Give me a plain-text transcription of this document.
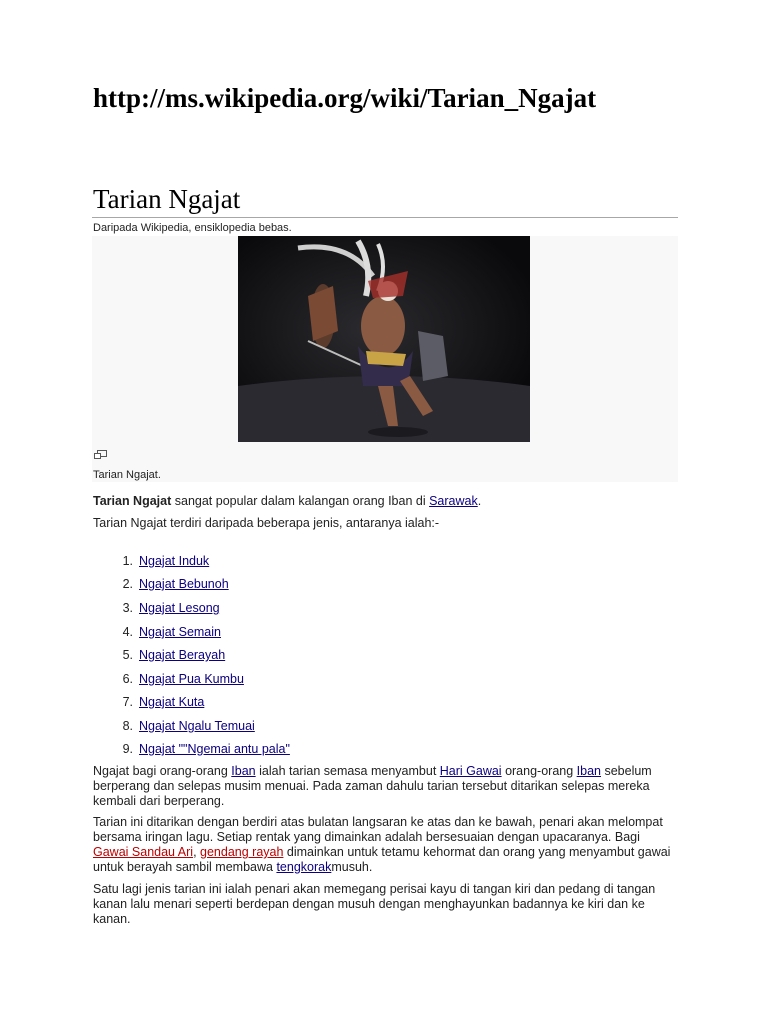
http://ms.wikipedia.org/wiki/Tarian_Ngajat
Tarian Ngajat
Daripada Wikipedia, ensiklopedia bebas.
Tarian Ngajat.
Tarian Ngajat sangat popular dalam kalangan orang Iban di Sarawak.
Tarian Ngajat terdiri daripada beberapa jenis, antaranya ialah:-
1. Ngajat Induk
2. Ngajat Bebunoh
3. Ngajat Lesong
4. Ngajat Semain
5. Ngajat Berayah
6. Ngajat Pua Kumbu
7. Ngajat Kuta
8. Ngajat Ngalu Temuai
9. Ngajat ""Ngemai antu pala"
Ngajat bagi orang-orang Iban ialah tarian semasa menyambut Hari Gawai orang-orang Iban sebelum berperang dan selepas musim menuai. Pada zaman dahulu tarian tersebut ditarikan selepas mereka kembali dari berperang.
Tarian ini ditarikan dengan berdiri atas bulatan langsaran ke atas dan ke bawah, penari akan melompat bersama iringan lagu. Setiap rentak yang dimainkan adalah bersesuaian dengan upacaranya. Bagi Gawai Sandau Ari, gendang rayah dimainkan untuk tetamu kehormat dan orang yang menyambut gawai untuk berayah sambil membawa tengkorakmusuh.
Satu lagi jenis tarian ini ialah penari akan memegang perisai kayu di tangan kiri dan pedang di tangan kanan lalu menari seperti berdepan dengan musuh dengan menghayunkan badannya ke kiri dan ke kanan.
